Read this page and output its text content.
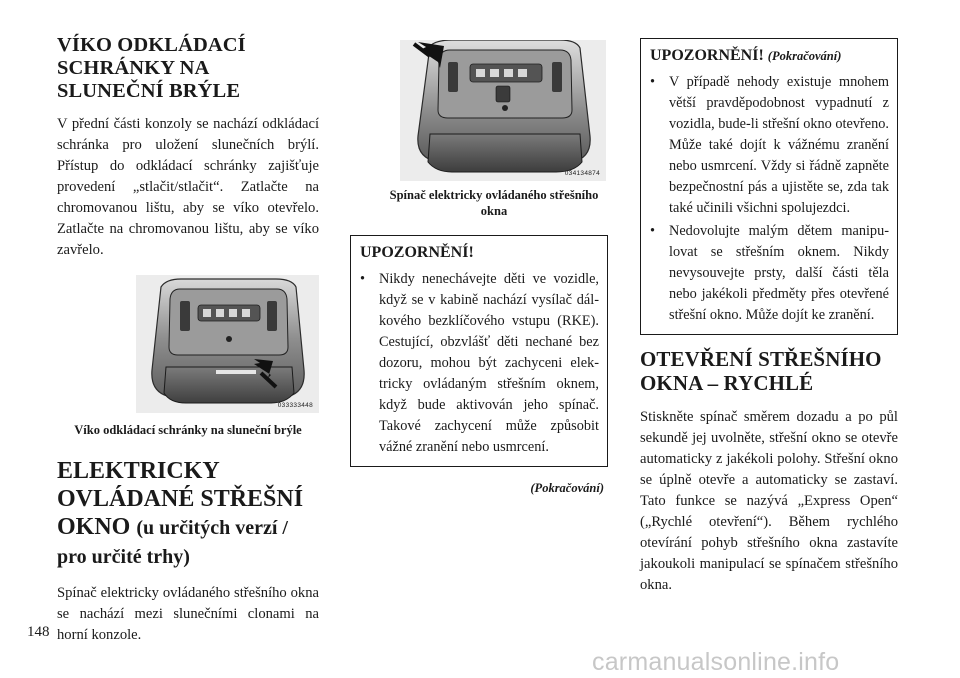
VÍKO ODKLÁDACÍ SCHRÁNKY NA SLUNEČNÍ BRÝLE

V přední části konzoly se nachází odkládací schránka pro uložení slunečních brýlí. Přístup do odkládací schránky zajišťuje provedení „stlačit/stlačit“. Zatlačte na chromovanou lištu, aby se víko otevřelo. Zatlačte na chromovanou lištu, aby se víko zavřelo.

033333448
Víko odkládací schránky na sluneční brýle
ELEKTRICKY OVLÁDANÉ STŘEŠNÍ OKNO (u určitých verzí / pro určité trhy)

Spínač elektricky ovládaného střešního okna se nachází mezi slunečními clonami na horní konzole.

034134874
Spínač elektricky ovládaného střešního okna
UPOZORNĚNÍ!
• Nikdy nenechávejte děti ve vozidle, když se v kabině nachází vysílač dálkového bezklíčového vstupu (RKE). Cestující, obzvlášť děti nechané bez dozoru, mohou být zachyceni elektricky ovládaným střešním oknem, když bude aktivován jeho spínač. Takové zachycení může způsobit vážné zranění nebo usmrcení.
(Pokračování)
UPOZORNĚNÍ! (Pokračování)
• V případě nehody existuje mnohem větší pravděpodobnost vypadnutí z vozidla, bude-li střešní okno otevřeno. Může také dojít k vážnému zranění nebo usmrcení. Vždy si řádně zapněte bezpečnostní pás a ujistěte se, zda tak také učinili všichni spolujezdci.
• Nedovolujte malým dětem manipulovat se střešním oknem. Nikdy nevysouvejte prsty, další části těla nebo jakékoli předměty přes otevřené střešní okno. Může dojít ke zranění.
OTEVŘENÍ STŘEŠNÍHO OKNA – RYCHLÉ

Stiskněte spínač směrem dozadu a po půl sekundě jej uvolněte, střešní okno se otevře automaticky z jakékoli polohy. Střešní okno se úplně otevře a automaticky se zastaví. Tato funkce se nazývá „Express Open“ („Rychlé otevření“). Během rychlého otevírání pohyb střešního okna zastavíte jakoukoli manipulací se spínačem střešního okna.

148
carmanualsonline.info
